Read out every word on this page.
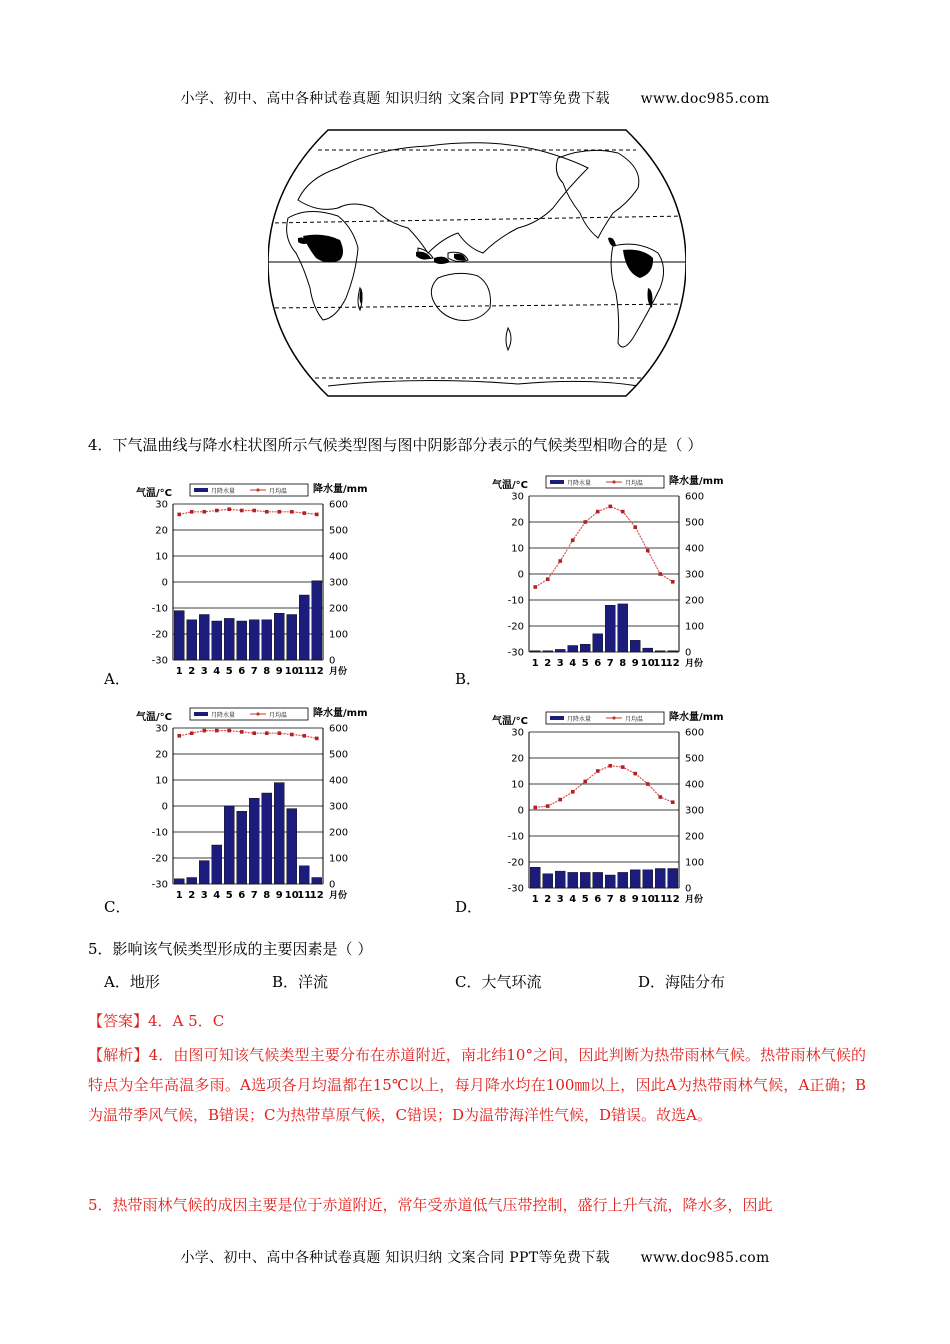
小学、初中、高中各种试卷真题 知识归纳 文案合同 PPT等免费下载 www.doc985.com
4．下气温曲线与降水柱状图所示气候类型图与图中阴影部分表示的气候类型相吻合的是（ ）
气温/°C	降水量/mm
月降水量	月均温
30	600
20	500
10	400
0	300
-10	200
-20	100
-30	0
1 2 3 4 5 6 7 8 9 10
11
12 月份
气温/°C	降水量/mm
月降水量	月均温
30	600
20	500
10	400
0	300
-10	200
-20	100
-30	0
1 2 3 4 5 6 7 8 9 10
11
12 月份
气温/°C	降水量/mm
月降水量	月均温
30	600
20	500
10	400
0	300
-10	200
-20	100
-30	0
1 2 3 4 5 6 7 8 9 10
11
12 月份
气温/°C	降水量/mm
月降水量	月均温
30	600
20	500
10	400
0	300
-10	200
-20	100
-30	0
1 2 3 4 5 6 7 8 9 10
11
12 月份
A．	B．
C．	D．
5．影响该气候类型形成的主要因素是（ ）
A．地形	B．洋流	C．大气环流	D．海陆分布
【答案】4．A 5．C
【解析】4．由图可知该气候类型主要分布在赤道附近，南北纬10°之间，因此判断为热带雨林气候。热带雨林气候的特点为全年高温多雨。A选项各月均温都在15℃以上，每月降水均在100㎜以上，因此A为热带雨林气候，A正确；B为温带季风气候，B错误；C为热带草原气候，C错误；D为温带海洋性气候，D错误。故选A。
5．热带雨林气候的成因主要是位于赤道附近，常年受赤道低气压带控制，盛行上升气流，降水多，因此
小学、初中、高中各种试卷真题 知识归纳 文案合同 PPT等免费下载 www.doc985.com
